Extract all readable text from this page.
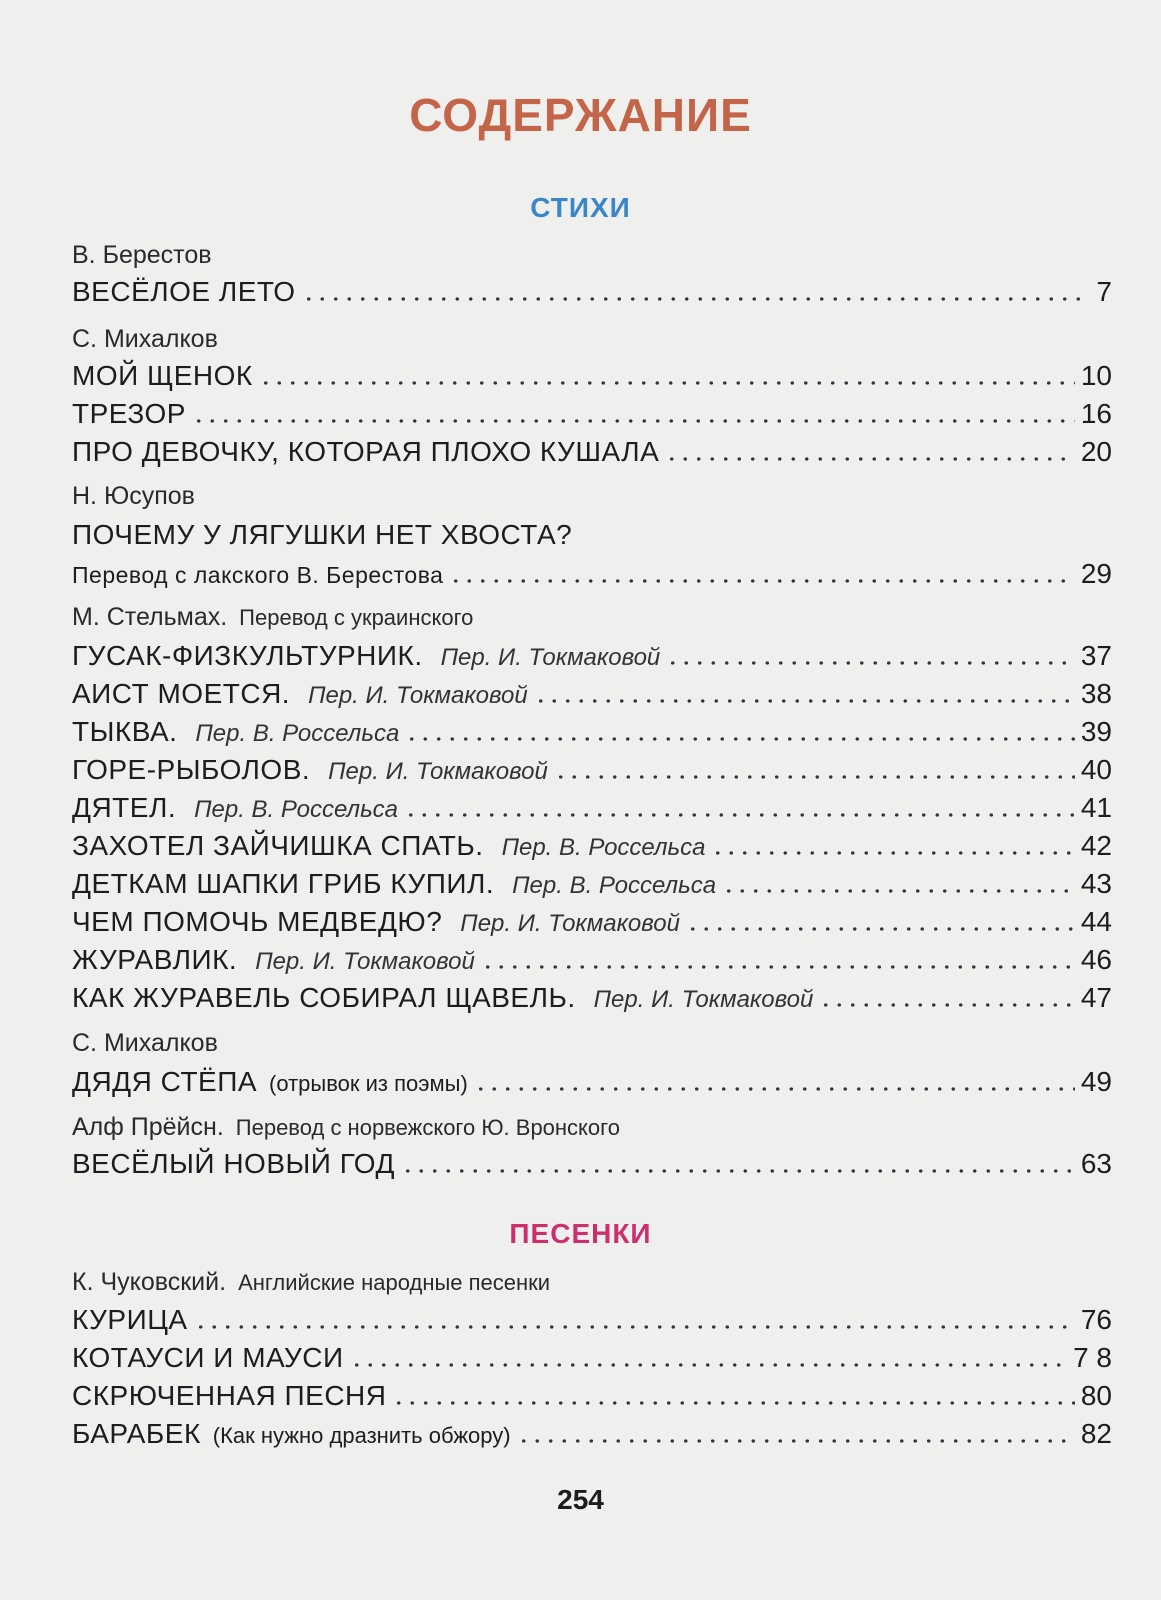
СОДЕРЖАНИЕ
СТИХИ
В. Берестов
ВЕСЁЛОЕ ЛЕТО	7
С. Михалков
МОЙ ЩЕНОК	10
ТРЕЗОР	16
ПРО ДЕВОЧКУ, КОТОРАЯ ПЛОХО КУШАЛА	20
Н. Юсупов
ПОЧЕМУ У ЛЯГУШКИ НЕТ ХВОСТА?
Перевод с лакского В. Берестова	29
М. Стельмах. Перевод с украинского
ГУСАК-ФИЗКУЛЬТУРНИК. Пер. И. Токмаковой	37
АИСТ МОЕТСЯ. Пер. И. Токмаковой	38
ТЫКВА. Пер. В. Россельса	39
ГОРЕ-РЫБОЛОВ. Пер. И. Токмаковой	40
ДЯТЕЛ. Пер. В. Россельса	41
ЗАХОТЕЛ ЗАЙЧИШКА СПАТЬ. Пер. В. Россельса	42
ДЕТКАМ ШАПКИ ГРИБ КУПИЛ. Пер. В. Россельса	43
ЧЕМ ПОМОЧЬ МЕДВЕДЮ? Пер. И. Токмаковой	44
ЖУРАВЛИК. Пер. И. Токмаковой	46
КАК ЖУРАВЕЛЬ СОБИРАЛ ЩАВЕЛЬ. Пер. И. Токмаковой	47
С. Михалков
ДЯДЯ СТЁПА (отрывок из поэмы)	49
Алф Прёйсн. Перевод с норвежского Ю. Вронского
ВЕСЁЛЫЙ НОВЫЙ ГОД	63
ПЕСЕНКИ
К. Чуковский. Английские народные песенки
КУРИЦА	76
КОТАУСИ И МАУСИ	7 8
СКРЮЧЕННАЯ ПЕСНЯ	80
БАРАБЕК (Как нужно дразнить обжору)	82
254
